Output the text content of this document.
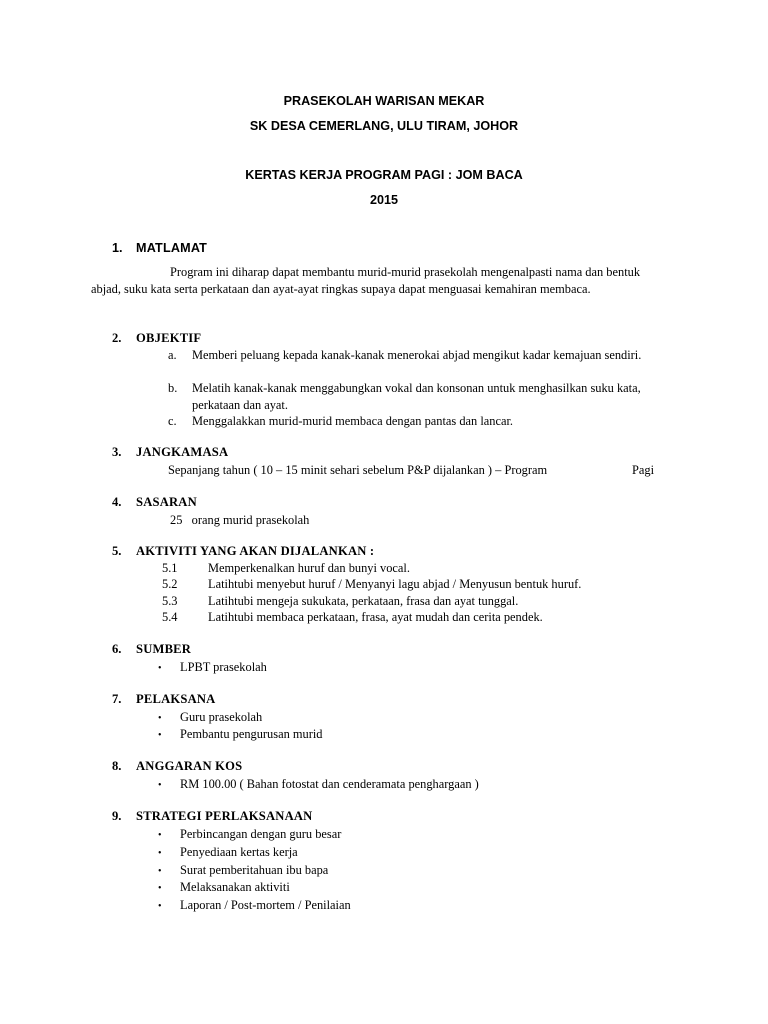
PRASEKOLAH WARISAN MEKAR
SK DESA CEMERLANG, ULU TIRAM, JOHOR
KERTAS KERJA PROGRAM PAGI : JOM BACA
2015
1. MATLAMAT
Program ini diharap dapat membantu murid-murid prasekolah mengenalpasti nama dan bentuk abjad, suku kata serta perkataan dan ayat-ayat ringkas supaya dapat menguasai kemahiran membaca.
2. OBJEKTIF
a. Memberi peluang kepada kanak-kanak menerokai abjad mengikut kadar kemajuan sendiri.
b. Melatih kanak-kanak menggabungkan vokal dan konsonan untuk menghasilkan suku kata, perkataan dan ayat.
c. Menggalakkan murid-murid membaca dengan pantas dan lancar.
3. JANGKAMASA
Sepanjang tahun ( 10 – 15 minit sehari sebelum P&P dijalankan ) – Program	Pagi
4. SASARAN
25   orang murid prasekolah
5. AKTIVITI YANG AKAN DIJALANKAN :
5.1 Memperkenalkan huruf dan bunyi vocal.
5.2 Latihtubi menyebut huruf / Menyanyi lagu abjad / Menyusun bentuk huruf.
5.3 Latihtubi mengeja sukukata, perkataan, frasa dan ayat tunggal.
5.4 Latihtubi membaca perkataan, frasa, ayat mudah dan cerita pendek.
6. SUMBER
• LPBT prasekolah
7. PELAKSANA
• Guru prasekolah
• Pembantu pengurusan murid
8. ANGGARAN KOS
• RM 100.00 ( Bahan fotostat dan cenderamata penghargaan )
9. STRATEGI PERLAKSANAAN
• Perbincangan dengan guru besar
• Penyediaan kertas kerja
• Surat pemberitahuan ibu bapa
• Melaksanakan aktiviti
• Laporan / Post-mortem / Penilaian
